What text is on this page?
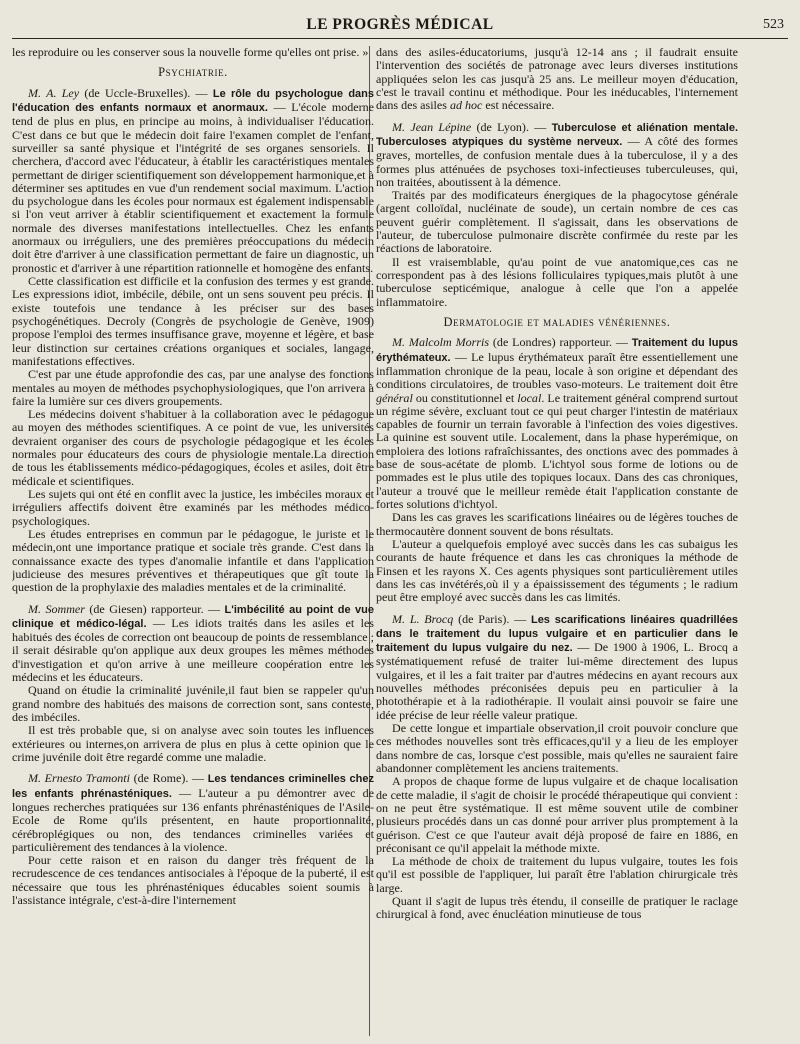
LE PROGRÈS MÉDICAL	523

les reproduire ou les conserver sous la nouvelle forme qu'elles ont prise. »

Psychiatrie.

M. A. Ley (de Uccle-Bruxelles). — Le rôle du psychologue dans l'éducation des enfants normaux et anormaux. — L'école moderne tend de plus en plus, en principe au moins, à individualiser l'éducation. C'est dans ce but que le médecin doit faire l'examen complet de l'enfant, surveiller sa santé physique et l'intégrité de ses organes sensoriels. Il cherchera, d'accord avec l'éducateur, à établir les caractéristiques mentales permettant de diriger scientifiquement son développement harmonique,et à déterminer ses aptitudes en vue d'un rendement social maximum. L'action du psychologue dans les écoles pour normaux est également indispensable si l'on veut arriver à établir scientifiquement et exactement la formule normale des diverses manifestations intellectuelles. Chez les enfants anormaux ou irréguliers, une des premières préoccupations du médecin doit être d'arriver à une classification permettant de faire un diagnostic, un pronostic et d'arriver à une répartition rationnelle et homogène des enfants.

Cette classification est difficile et la confusion des termes y est grande. Les expressions idiot, imbécile, débile, ont un sens souvent peu précis. Il existe toutefois une tendance à les préciser sur des bases psychogénétiques. Decroly (Congrès de psychologie de Genève, 1909) propose l'emploi des termes insuffisance grave, moyenne et légère, et base leur distinction sur certaines créations organiques et sociales, langage, manifestations effectives.

C'est par une étude approfondie des cas, par une analyse des fonctions mentales au moyen de méthodes psychophysiologiques, que l'on arrivera à faire la lumière sur ces divers groupements.

Les médecins doivent s'habituer à la collaboration avec le pédagogue au moyen des méthodes scientifiques. A ce point de vue, les universités devraient organiser des cours de psychologie pédagogique et les écoles normales pour éducateurs des cours de physiologie mentale.La direction de tous les établissements médico-pédagogiques, écoles et asiles, doit être médicale et scientifiques.

Les sujets qui ont été en conflit avec la justice, les imbéciles moraux et irréguliers affectifs doivent être examinés par les méthodes médico-psychologiques.

Les études entreprises en commun par le pédagogue, le juriste et le médecin,ont une importance pratique et sociale très grande. C'est dans la connaissance exacte des types d'anomalie infantile et dans l'application judicieuse des mesures préventives et thérapeutiques que gît toute la question de la prophylaxie des maladies mentales et de la criminalité.

M. Sommer (de Giesen) rapporteur. — L'imbécilité au point de vue clinique et médico-légal. — Les idiots traités dans les asiles et les habitués des écoles de correction ont beaucoup de points de ressemblance ; il serait désirable qu'on applique aux deux groupes les mêmes méthodes d'investigation et qu'on arrive à une meilleure coopération entre les médecins et les éducateurs.

Quand on étudie la criminalité juvénile,il faut bien se rappeler qu'un grand nombre des habitués des maisons de correction sont, sans conteste, des imbéciles.

Il est très probable que, si on analyse avec soin toutes les influences extérieures ou internes,on arrivera de plus en plus à cette opinion que le crime juvénile doit être regardé comme une maladie.

M. Ernesto Tramonti (de Rome). — Les tendances criminelles chez les enfants phrénasténiques. — L'auteur a pu démontrer avec de longues recherches pratiquées sur 136 enfants phrénasténiques de l'Asile-Ecole de Rome qu'ils présentent, en haute proportionnalité, cérébroplégiques ou non, des tendances criminelles variées et particulièrement des tendances à la violence.

Pour cette raison et en raison du danger très fréquent de la recrudescence de ces tendances antisociales à l'époque de la puberté, il est nécessaire que tous les phrénasténiques éducables soient soumis à l'assistance intégrale, c'est-à-dire l'internement

dans des asiles-éducatoriums, jusqu'à 12-14 ans ; il faudrait ensuite l'intervention des sociétés de patronage avec leurs diverses institutions appliquées selon les cas jusqu'à 25 ans. Le meilleur moyen d'éducation, c'est le travail continu et méthodique. Pour les inéducables, l'internement dans des asiles ad hoc est nécessaire.

M. Jean Lépine (de Lyon). — Tuberculose et aliénation mentale. Tuberculoses atypiques du système nerveux. — A côté des formes graves, mortelles, de confusion mentale dues à la tuberculose, il y a des formes plus atténuées de psychoses toxi-infectieuses tuberculeuses, qui, non traitées, aboutissent à la démence.

Traités par des modificateurs énergiques de la phagocytose générale (argent colloïdal, nucléinate de soude), un certain nombre de ces cas peuvent guérir complètement. Il s'agissait, dans les observations de l'auteur, de tuberculose pulmonaire discrète confirmée du reste par les réactions de laboratoire.

Il est vraisemblable, qu'au point de vue anatomique,ces cas ne correspondent pas à des lésions folliculaires typiques,mais plutôt à une tuberculose septicémique, analogue à celle que l'on a appelée inflammatoire.

Dermatologie et maladies vénériennes.

M. Malcolm Morris (de Londres) rapporteur. — Traitement du lupus érythémateux. — Le lupus érythémateux paraît être essentiellement une inflammation chronique de la peau, locale à son origine et dépendant des conditions circulatoires, de troubles vaso-moteurs. Le traitement doit être général ou constitutionnel et local. Le traitement général comprend surtout un régime sévère, excluant tout ce qui peut charger l'intestin de matériaux capables de fournir un terrain favorable à l'infection des voies digestives. La quinine est souvent utile. Localement, dans la phase hyperémique, on emploiera des lotions rafraîchissantes, des onctions avec des pommades à base de sous-acétate de plomb. L'ichtyol sous forme de lotions ou de pommades est le plus utile des topiques locaux. Dans des cas chroniques, l'auteur a trouvé que le meilleur remède était l'application constante de fortes solutions d'ichtyol.

Dans les cas graves les scarifications linéaires ou de légères touches de thermocautère donnent souvent de bons résultats.

L'auteur a quelquefois employé avec succès dans les cas subaigus les courants de haute fréquence et dans les cas chroniques la méthode de Finsen et les rayons X. Ces agents physiques sont particulièrement utiles dans les cas invétérés,où il y a épaississement des téguments ; le radium peut être employé avec succès dans les cas limités.

M. L. Brocq (de Paris). — Les scarifications linéaires quadrillées dans le traitement du lupus vulgaire et en particulier dans le traitement du lupus vulgaire du nez. — De 1900 à 1906, L. Brocq a systématiquement refusé de traiter lui-même directement des lupus vulgaires, et il les a fait traiter par d'autres médecins en ayant recours aux nouvelles méthodes préconisées depuis peu en particulier à la photothérapie et à la radiothérapie. Il voulait ainsi pouvoir se faire une idée précise de leur réelle valeur pratique.

De cette longue et impartiale observation,il croit pouvoir conclure que ces méthodes nouvelles sont très efficaces,qu'il y a lieu de les employer dans nombre de cas, lorsque c'est possible, mais qu'elles ne sauraient faire abandonner complètement les anciens traitements.

A propos de chaque forme de lupus vulgaire et de chaque localisation de cette maladie, il s'agit de choisir le procédé thérapeutique qui convient : on ne peut être systématique. Il est même souvent utile de combiner plusieurs procédés dans un cas donné pour arriver plus promptement à la guérison. C'est ce que l'auteur avait déjà proposé de faire en 1886, en préconisant ce qu'il appelait la méthode mixte.

La méthode de choix de traitement du lupus vulgaire, toutes les fois qu'il est possible de l'appliquer, lui paraît être l'ablation chirurgicale très large.

Quant il s'agit de lupus très étendu, il conseille de pratiquer le raclage chirurgical à fond, avec énucléation minutieuse de tous
